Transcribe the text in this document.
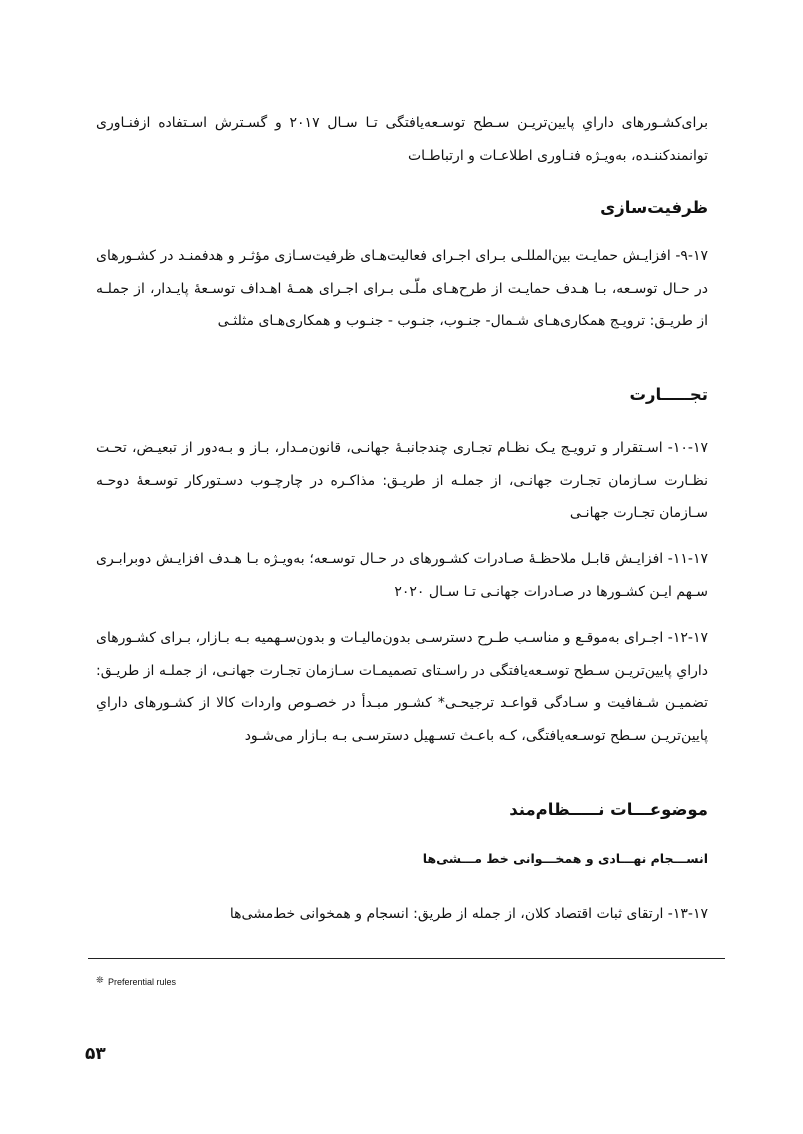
برای‌کشـورهای دارایِ پایین‌تریـن سـطح توسـعه‌یافتگی تـا سـال ۲۰۱۷ و گسـترش اسـتفاده ازفنـاوری توانمندکننـده، به‌ویـژه فنـاوری اطلاعـات و ارتباطـات
ظرفیت‌سازی
۹-۱۷- افزایـش حمایـت بین‌المللـی بـرای اجـرای فعالیت‌هـای ظرفیت‌سـازی مؤثـر و هدفمنـد در کشـورهای در حـال توسـعه، بـا هـدف حمایـت از طرح‌هـای ملّـی بـرای اجـرای همـهٔ اهـداف توسـعهٔ پایـدار، از جملـه از طریـق: ترویـج همکاری‌هـای شـمال- جنـوب، جنـوب - جنـوب و همکاری‌هـای مثلثـی
تجـــــارت
۱۰-۱۷- اسـتقرار و ترویـج یـک نظـام تجـاری چندجانبـهٔ جهانـی، قانون‌مـدار، بـاز و بـه‌دور از تبعیـض، تحـت نظـارت سـازمان تجـارت جهانـی، از جملـه از طریـق: مذاکـره در چارچـوب دسـتورکار توسـعهٔ دوحـه سـازمان تجـارت جهانـی
۱۱-۱۷- افزایـش قابـل ملاحظـهٔ صـادرات کشـورهای در حـال توسـعه؛ به‌ویـژه بـا هـدف افزایـش دوبرابـری سـهم ایـن کشـورها در صـادرات جهانـی تـا سـال ۲۰۲۰
۱۲-۱۷- اجـرای به‌موقـع و مناسـب طـرح دسترسـی بدون‌مالیـات و بدون‌سـهمیه بـه بـازار، بـرای کشـورهای دارایِ پایین‌تریـن سـطح توسـعه‌یافتگی در راسـتای تصمیمـات سـازمان تجـارت جهانـی، از جملـه از طریـق: تضمیـن شـفافیت و سـادگی قواعـد ترجیحـی* کشـور مبـدأ در خصـوص واردات کالا از کشـورهای دارایِ پایین‌تریـن سـطح توسـعه‌یافتگی، کـه باعـث تسـهیل دسترسـی بـه بـازار می‌شـود
موضوعـــات نـــــظام‌مند
انســـجام نهـــادی و همخـــوانی خط مـــشی‌ها
۱۳-۱۷- ارتقای ثبات اقتصاد کلان، از جمله از طریق: انسجام و همخوانی خط‌مشی‌ها
❊ Preferential rules
۵۳
